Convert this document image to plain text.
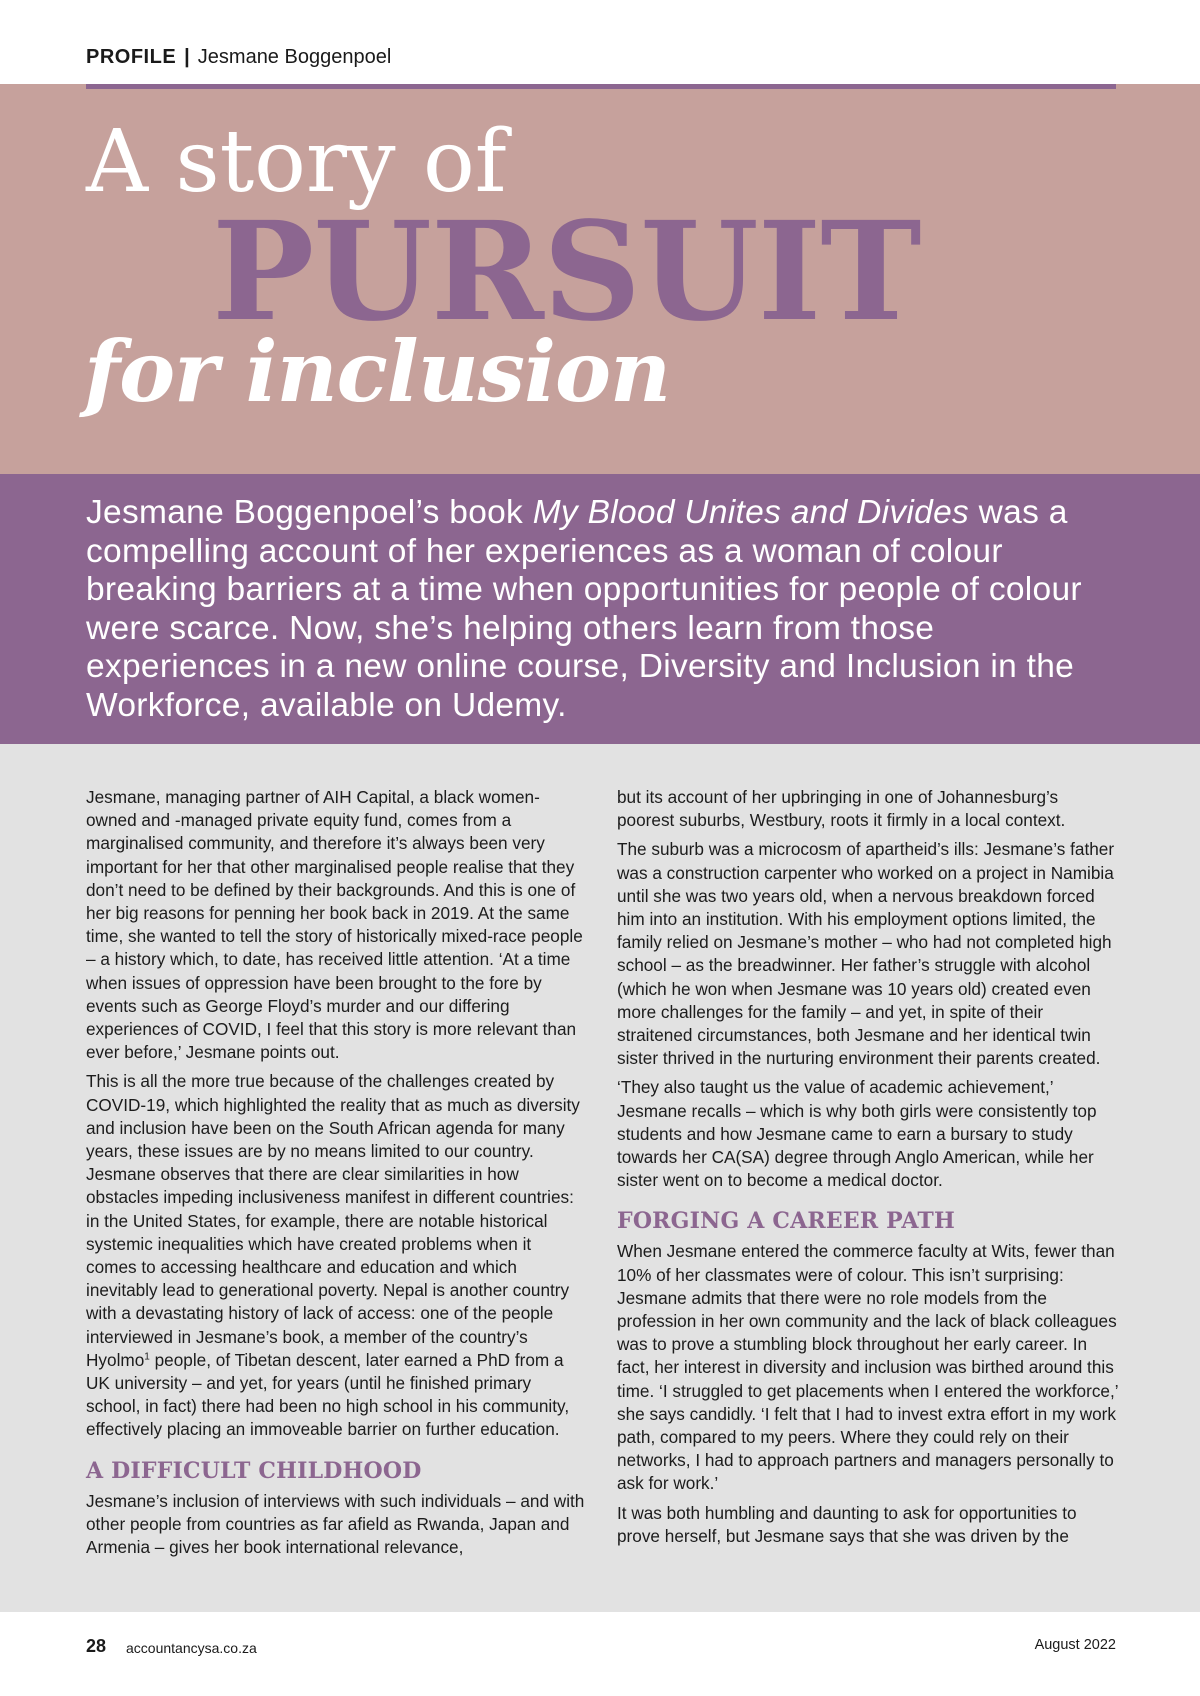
PROFILE | Jesmane Boggenpoel
A story of
PURSUIT
for inclusion

Jesmane Boggenpoel’s book My Blood Unites and Divides was a compelling account of her experiences as a woman of colour breaking barriers at a time when opportunities for people of colour were scarce. Now, she’s helping others learn from those experiences in a new online course, Diversity and Inclusion in the Workforce, available on Udemy.

Jesmane, managing partner of AIH Capital, a black women-owned and -managed private equity fund, comes from a marginalised community, and therefore it’s always been very important for her that other marginalised people realise that they don’t need to be defined by their backgrounds. And this is one of her big reasons for penning her book back in 2019. At the same time, she wanted to tell the story of historically mixed-race people – a history which, to date, has received little attention. ‘At a time when issues of oppression have been brought to the fore by events such as George Floyd’s murder and our differing experiences of COVID, I feel that this story is more relevant than ever before,’ Jesmane points out.

This is all the more true because of the challenges created by COVID-19, which highlighted the reality that as much as diversity and inclusion have been on the South African agenda for many years, these issues are by no means limited to our country. Jesmane observes that there are clear similarities in how obstacles impeding inclusiveness manifest in different countries: in the United States, for example, there are notable historical systemic inequalities which have created problems when it comes to accessing healthcare and education and which inevitably lead to generational poverty. Nepal is another country with a devastating history of lack of access: one of the people interviewed in Jesmane’s book, a member of the country’s Hyolmo$^1$ people, of Tibetan descent, later earned a PhD from a UK university – and yet, for years (until he finished primary school, in fact) there had been no high school in his community, effectively placing an immoveable barrier on further education.

A DIFFICULT CHILDHOOD

Jesmane’s inclusion of interviews with such individuals – and with other people from countries as far afield as Rwanda, Japan and Armenia – gives her book international relevance,

but its account of her upbringing in one of Johannesburg’s poorest suburbs, Westbury, roots it firmly in a local context.

The suburb was a microcosm of apartheid’s ills: Jesmane’s father was a construction carpenter who worked on a project in Namibia until she was two years old, when a nervous breakdown forced him into an institution. With his employment options limited, the family relied on Jesmane’s mother – who had not completed high school – as the breadwinner. Her father’s struggle with alcohol (which he won when Jesmane was 10 years old) created even more challenges for the family – and yet, in spite of their straitened circumstances, both Jesmane and her identical twin sister thrived in the nurturing environment their parents created.

‘They also taught us the value of academic achievement,’ Jesmane recalls – which is why both girls were consistently top students and how Jesmane came to earn a bursary to study towards her CA(SA) degree through Anglo American, while her sister went on to become a medical doctor.

FORGING A CAREER PATH

When Jesmane entered the commerce faculty at Wits, fewer than 10% of her classmates were of colour. This isn’t surprising: Jesmane admits that there were no role models from the profession in her own community and the lack of black colleagues was to prove a stumbling block throughout her early career. In fact, her interest in diversity and inclusion was birthed around this time. ‘I struggled to get placements when I entered the workforce,’ she says candidly. ‘I felt that I had to invest extra effort in my work path, compared to my peers. Where they could rely on their networks, I had to approach partners and managers personally to ask for work.’

It was both humbling and daunting to ask for opportunities to prove herself, but Jesmane says that she was driven by the

28 accountancysa.co.za	August 2022
